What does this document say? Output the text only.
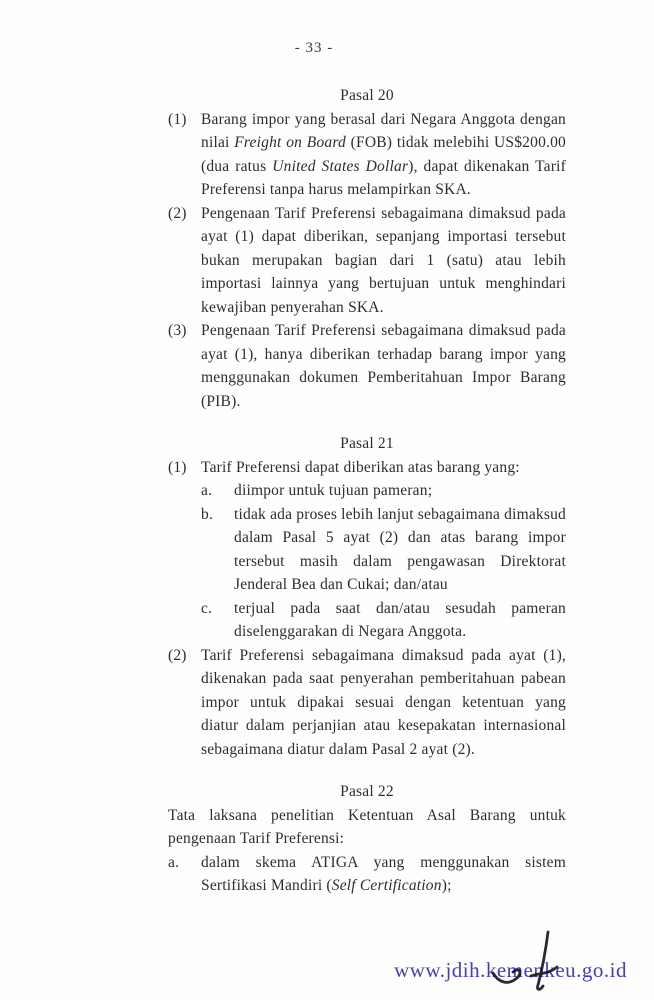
- 33 -
Pasal 20
(1) Barang impor yang berasal dari Negara Anggota dengan nilai Freight on Board (FOB) tidak melebihi US$200.00 (dua ratus United States Dollar), dapat dikenakan Tarif Preferensi tanpa harus melampirkan SKA.
(2) Pengenaan Tarif Preferensi sebagaimana dimaksud pada ayat (1) dapat diberikan, sepanjang importasi tersebut bukan merupakan bagian dari 1 (satu) atau lebih importasi lainnya yang bertujuan untuk menghindari kewajiban penyerahan SKA.
(3) Pengenaan Tarif Preferensi sebagaimana dimaksud pada ayat (1), hanya diberikan terhadap barang impor yang menggunakan dokumen Pemberitahuan Impor Barang (PIB).
Pasal 21
(1) Tarif Preferensi dapat diberikan atas barang yang:
a.	diimpor untuk tujuan pameran;
b.	tidak ada proses lebih lanjut sebagaimana dimaksud dalam Pasal 5 ayat (2) dan atas barang impor tersebut masih dalam pengawasan Direktorat Jenderal Bea dan Cukai; dan/atau
c.	terjual pada saat dan/atau sesudah pameran diselenggarakan di Negara Anggota.
(2) Tarif Preferensi sebagaimana dimaksud pada ayat (1), dikenakan pada saat penyerahan pemberitahuan pabean impor untuk dipakai sesuai dengan ketentuan yang diatur dalam perjanjian atau kesepakatan internasional sebagaimana diatur dalam Pasal 2 ayat (2).
Pasal 22
Tata laksana penelitian Ketentuan Asal Barang untuk pengenaan Tarif Preferensi:
a.	dalam skema ATIGA yang menggunakan sistem Sertifikasi Mandiri (Self Certification);
www.jdih.kemenkeu.go.id
